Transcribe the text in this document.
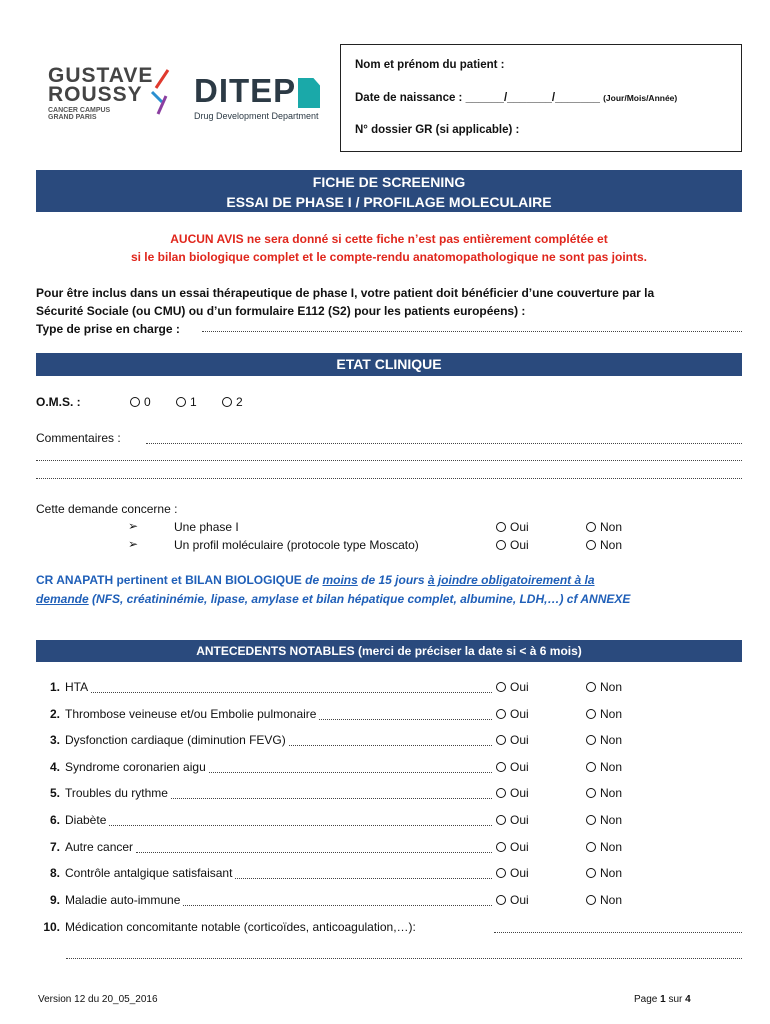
GUSTAVE
ROUSSY
CANCER CAMPUS
GRAND PARIS
DITEP
Drug Development Department
Nom et prénom du patient :
Date de naissance : ______/_______/_______ (Jour/Mois/Année)
N° dossier GR (si applicable) :
FICHE DE SCREENING
ESSAI DE PHASE I / PROFILAGE MOLECULAIRE
AUCUN AVIS ne sera donné si cette fiche n’est pas entièrement complétée et
si le bilan biologique complet et le compte-rendu anatomopathologique ne sont pas joints.
Pour être inclus dans un essai thérapeutique de phase I, votre patient doit bénéficier d’une couverture par la
Sécurité Sociale (ou CMU) ou d’un formulaire E112 (S2) pour les patients européens) :
Type de prise en charge :
ETAT CLINIQUE
O.M.S. :	0	1	2
Commentaires :
Cette demande concerne :
➢	Une phase I	Oui	Non
➢	Un profil moléculaire (protocole type Moscato)	Oui	Non
CR ANAPATH pertinent et BILAN BIOLOGIQUE de moins de 15 jours à joindre obligatoirement à la
demande (NFS, créatininémie, lipase, amylase et bilan hépatique complet, albumine, LDH,…) cf ANNEXE
ANTECEDENTS NOTABLES (merci de préciser la date si < à 6 mois)
1. HTA	Oui	Non
2. Thrombose veineuse et/ou Embolie pulmonaire	Oui	Non
3. Dysfonction cardiaque (diminution FEVG)	Oui	Non
4. Syndrome coronarien aigu	Oui	Non
5. Troubles du rythme	Oui	Non
6. Diabète	Oui	Non
7. Autre cancer	Oui	Non
8. Contrôle antalgique satisfaisant	Oui	Non
9. Maladie auto-immune	Oui	Non
10. Médication concomitante notable (corticoïdes, anticoagulation,…):
Version 12 du 20_05_2016	Page 1 sur 4
